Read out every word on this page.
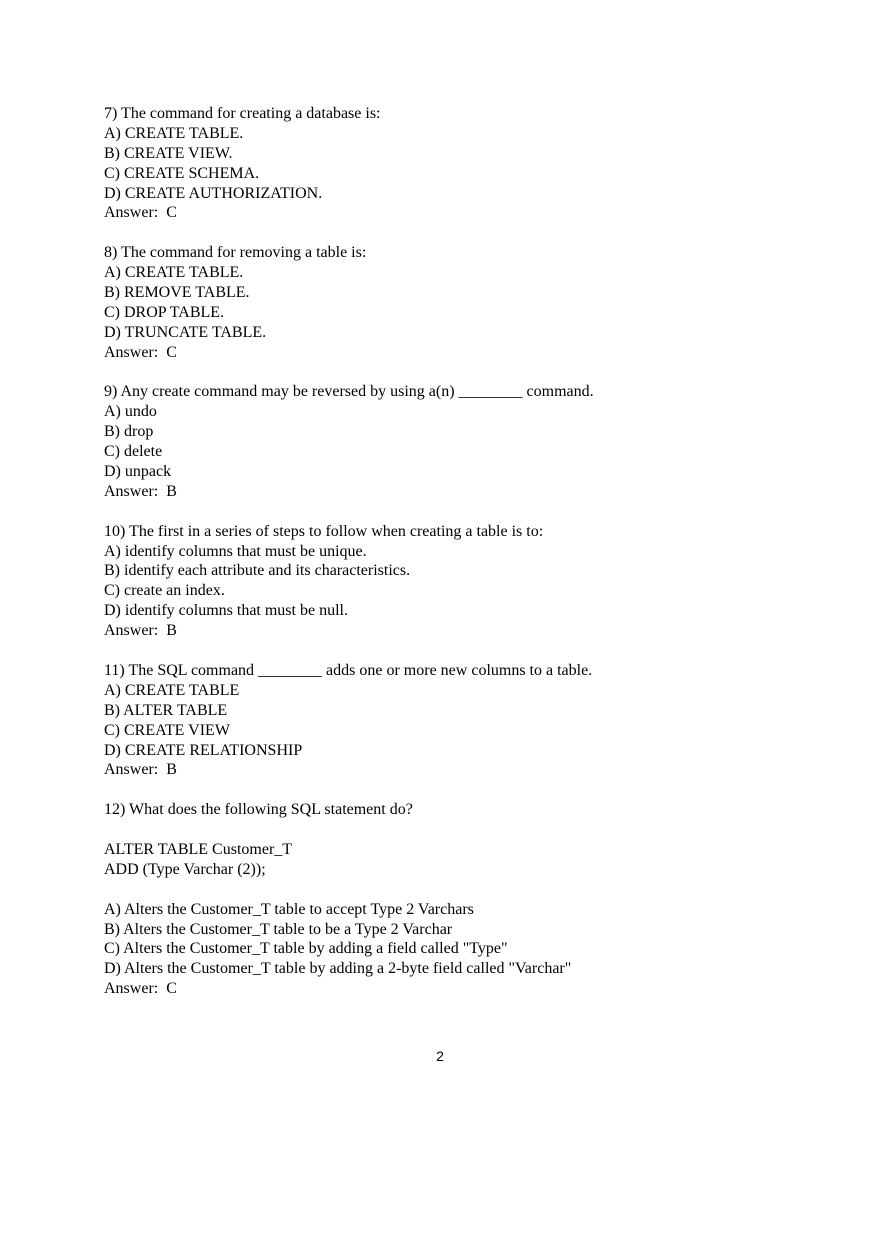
7) The command for creating a database is:
A) CREATE TABLE.
B) CREATE VIEW.
C) CREATE SCHEMA.
D) CREATE AUTHORIZATION.
Answer:  C
8) The command for removing a table is:
A) CREATE TABLE.
B) REMOVE TABLE.
C) DROP TABLE.
D) TRUNCATE TABLE.
Answer:  C
9) Any create command may be reversed by using a(n) ________ command.
A) undo
B) drop
C) delete
D) unpack
Answer:  B
10) The first in a series of steps to follow when creating a table is to:
A) identify columns that must be unique.
B) identify each attribute and its characteristics.
C) create an index.
D) identify columns that must be null.
Answer:  B
11) The SQL command ________ adds one or more new columns to a table.
A) CREATE TABLE
B) ALTER TABLE
C) CREATE VIEW
D) CREATE RELATIONSHIP
Answer:  B
12) What does the following SQL statement do?
ALTER TABLE Customer_T
ADD (Type Varchar (2));
A) Alters the Customer_T table to accept Type 2 Varchars
B) Alters the Customer_T table to be a Type 2 Varchar
C) Alters the Customer_T table by adding a field called "Type"
D) Alters the Customer_T table by adding a 2-byte field called "Varchar"
Answer:  C
2
